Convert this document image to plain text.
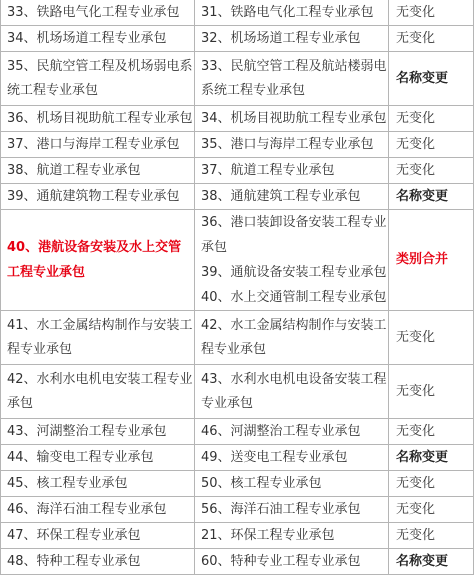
33、铁路电气化工程专业承包	31、铁路电气化工程专业承包	无变化
34、机场场道工程专业承包	32、机场场道工程专业承包	无变化
35、民航空管工程及机场弱电系统工程专业承包	33、民航空管工程及航站楼弱电系统工程专业承包	名称变更
36、机场目视助航工程专业承包	34、机场目视助航工程专业承包	无变化
37、港口与海岸工程专业承包	35、港口与海岸工程专业承包	无变化
38、航道工程专业承包	37、航道工程专业承包	无变化
39、通航建筑物工程专业承包	38、通航建筑工程专业承包	名称变更
40、港航设备安装及水上交管工程专业承包	36、港口装卸设备安装工程专业承包
39、通航设备安装工程专业承包
40、水上交通管制工程专业承包	类别合并
41、水工金属结构制作与安装工程专业承包	42、水工金属结构制作与安装工程专业承包	无变化
42、水利水电机电安装工程专业承包	43、水利水电机电设备安装工程专业承包	无变化
43、河湖整治工程专业承包	46、河湖整治工程专业承包	无变化
44、输变电工程专业承包	49、送变电工程专业承包	名称变更
45、核工程专业承包	50、核工程专业承包	无变化
46、海洋石油工程专业承包	56、海洋石油工程专业承包	无变化
47、环保工程专业承包	21、环保工程专业承包	无变化
48、特种工程专业承包	60、特种专业工程专业承包	名称变更
